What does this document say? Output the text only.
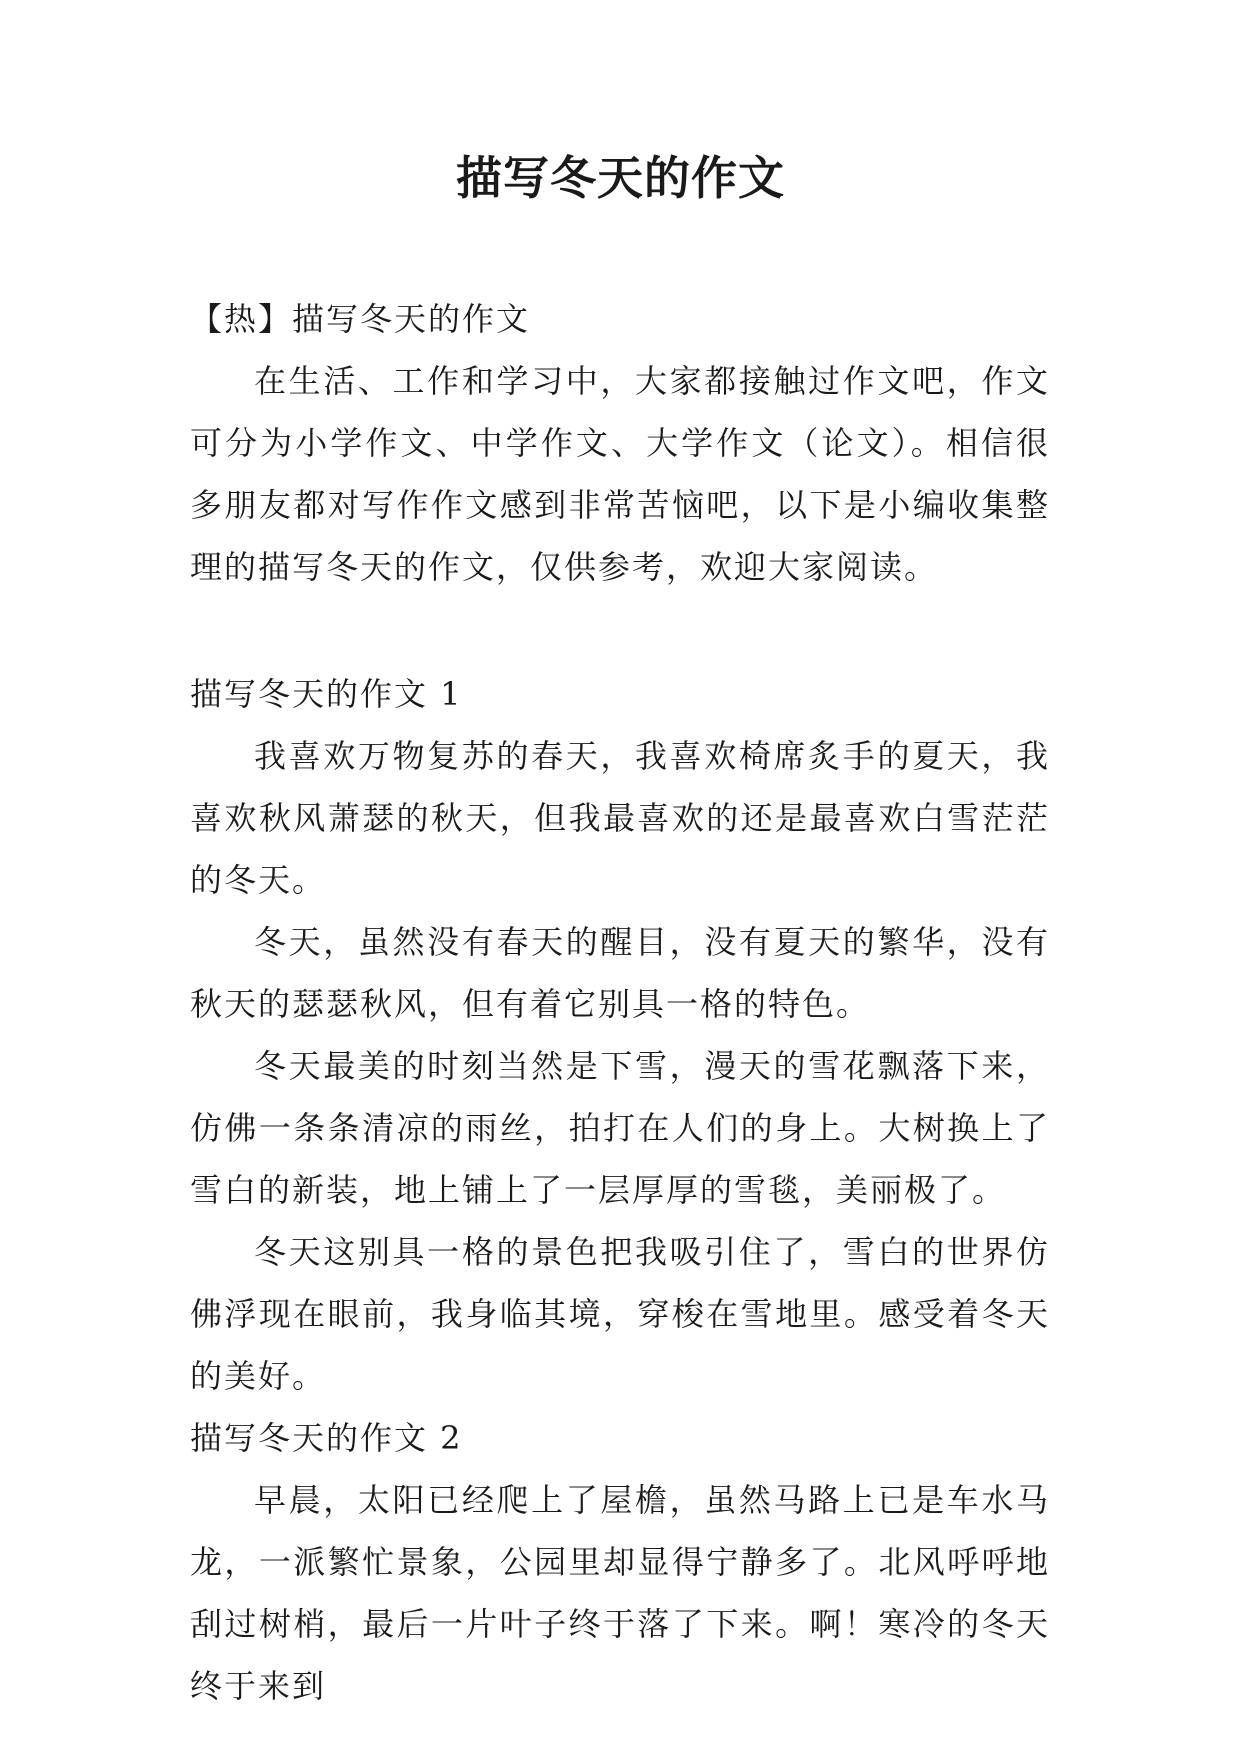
描写冬天的作文

【热】描写冬天的作文

在生活、工作和学习中，大家都接触过作文吧，作文可分为小学作文、中学作文、大学作文（论文）。相信很多朋友都对写作作文感到非常苦恼吧，以下是小编收集整理的描写冬天的作文，仅供参考，欢迎大家阅读。

描写冬天的作文 1

我喜欢万物复苏的春天，我喜欢椅席炙手的夏天，我喜欢秋风萧瑟的秋天，但我最喜欢的还是最喜欢白雪茫茫的冬天。

冬天，虽然没有春天的醒目，没有夏天的繁华，没有秋天的瑟瑟秋风，但有着它别具一格的特色。

冬天最美的时刻当然是下雪，漫天的雪花飘落下来，仿佛一条条清凉的雨丝，拍打在人们的身上。大树换上了雪白的新装，地上铺上了一层厚厚的雪毯，美丽极了。

冬天这别具一格的景色把我吸引住了，雪白的世界仿佛浮现在眼前，我身临其境，穿梭在雪地里。感受着冬天的美好。

描写冬天的作文 2

早晨，太阳已经爬上了屋檐，虽然马路上已是车水马龙，一派繁忙景象，公园里却显得宁静多了。北风呼呼地刮过树梢，最后一片叶子终于落了下来。啊！寒冷的冬天终于来到
